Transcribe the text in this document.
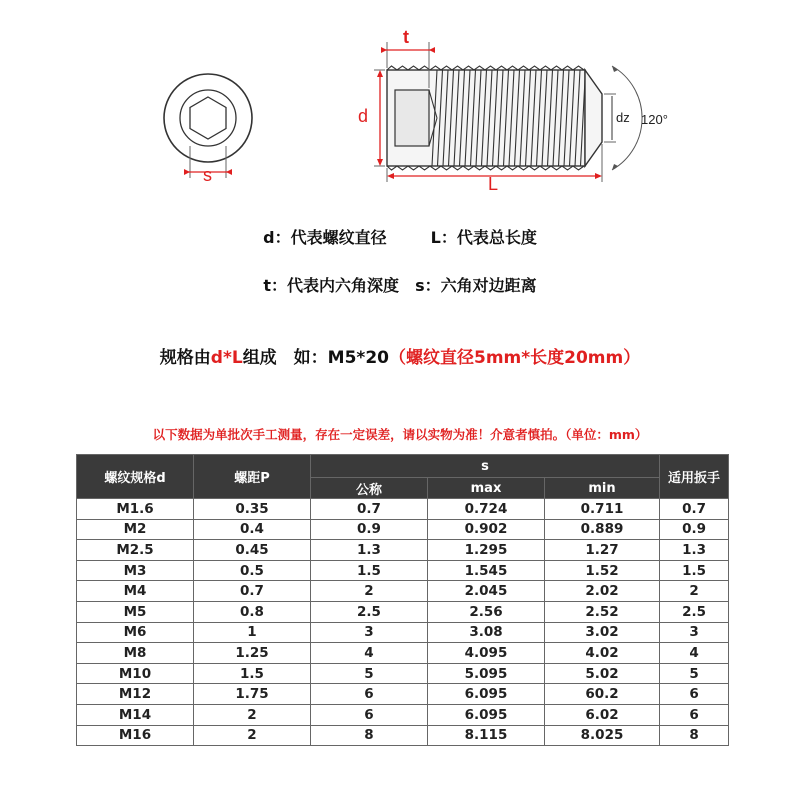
s
t
d
L
dz 120°
d：代表螺纹直径	L：代表总长度
t：代表内六角深度 s：六角对边距离
规格由d*L组成　如：M5*20（螺纹直径5mm*长度20mm）
以下数据为单批次手工测量，存在一定误差，请以实物为准！介意者慎拍。（单位：mm）
螺纹规格d	螺距P	s			适用扳手
		公称	max	min	
M1.6	0.35	0.7	0.724	0.711	0.7
M2	0.4	0.9	0.902	0.889	0.9
M2.5	0.45	1.3	1.295	1.27	1.3
M3	0.5	1.5	1.545	1.52	1.5
M4	0.7	2	2.045	2.02	2
M5	0.8	2.5	2.56	2.52	2.5
M6	1	3	3.08	3.02	3
M8	1.25	4	4.095	4.02	4
M10	1.5	5	5.095	5.02	5
M12	1.75	6	6.095	60.2	6
M14	2	6	6.095	6.02	6
M16	2	8	8.115	8.025	8
